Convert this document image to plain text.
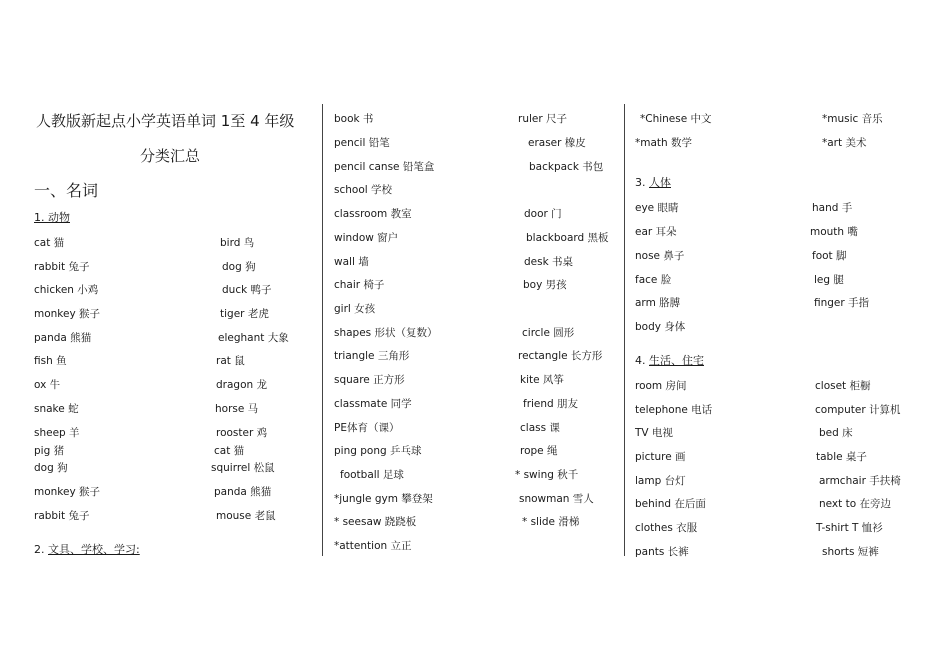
人教版新起点小学英语单词 1至 4 年级
分类汇总
一、名词
1. 动物
cat 猫	bird 鸟
rabbit 兔子	dog 狗
chicken 小鸡	duck 鸭子
monkey 猴子	tiger 老虎
panda 熊猫	eleghant 大象
fish 鱼	rat 鼠
ox 牛	dragon 龙
snake 蛇	horse 马
sheep 羊	rooster 鸡
pig 猪	cat 猫
dog 狗	squirrel 松鼠
monkey 猴子	panda 熊猫
rabbit 兔子	mouse 老鼠
2. 文具、学校、学习:
book 书	ruler 尺子
pencil 铅笔	eraser 橡皮
pencil canse 铅笔盒	backpack 书包
school 学校
classroom 教室	door 门
window 窗户	blackboard 黑板
wall 墙	desk 书桌
chair 椅子	boy 男孩
girl 女孩
shapes 形状（复数）	circle 圆形
triangle 三角形	rectangle 长方形
square 正方形	kite 风筝
classmate 同学	friend 朋友
PE体育（课）	class 课
ping pong 乒乓球	rope 绳
football 足球	* swing 秋千
*jungle gym 攀登架	snowman 雪人
* seesaw 跷跷板	* slide 滑梯
*attention 立正
*Chinese 中文	*music 音乐
*math 数学	*art 美术
3. 人体
eye 眼睛	hand 手
ear 耳朵	mouth 嘴
nose 鼻子	foot 脚
face 脸	leg 腿
arm 胳膊	finger 手指
body 身体
4. 生活、住宅
room 房间	closet 柜橱
telephone 电话	computer 计算机
TV 电视	bed 床
picture 画	table 桌子
lamp 台灯	armchair 手扶椅
behind 在后面	next to 在旁边
clothes 衣服	T-shirt T 恤衫
pants 长裤	shorts 短裤
